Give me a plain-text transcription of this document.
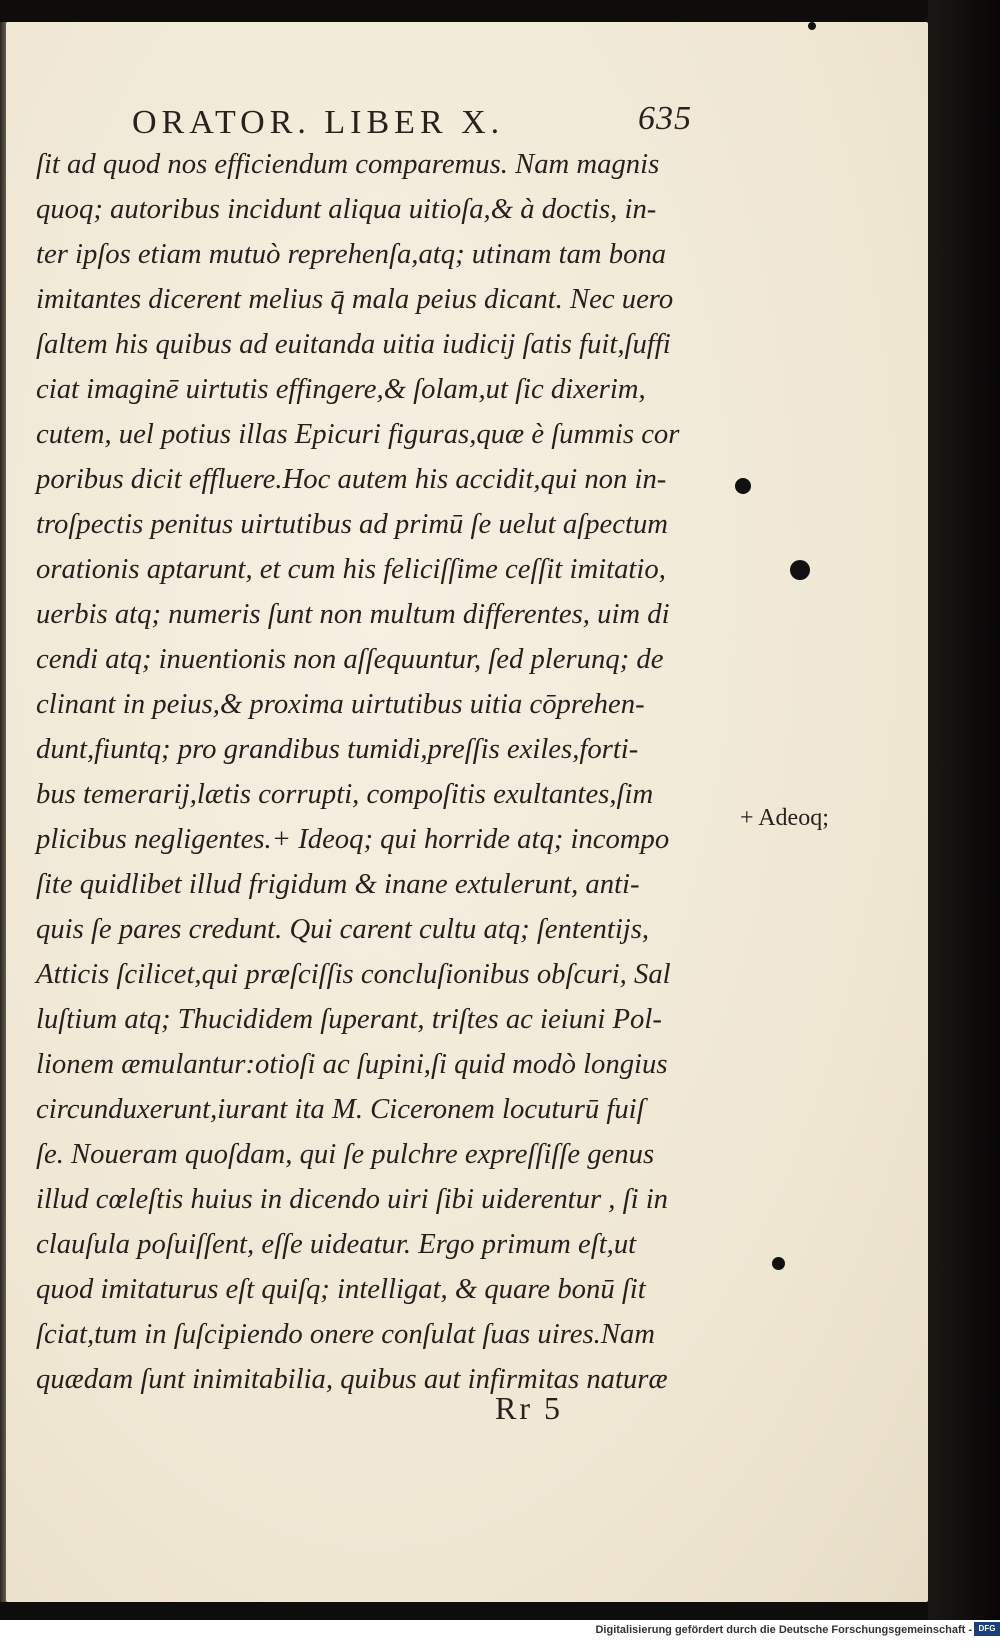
ORATOR. LIBER X.	635
ſit ad quod nos efficiendum comparemus. Nam magnis
quoq; autoribus incidunt aliqua uitioſa,& à doctis, in-
ter ipſos etiam mutuò reprehenſa,atq; utinam tam bona
imitantes dicerent melius q̄ mala peius dicant. Nec uero
ſaltem his quibus ad euitanda uitia iudicij ſatis fuit,ſuffi
ciat imaginē uirtutis effingere,& ſolam,ut ſic dixerim,
cutem, uel potius illas Epicuri figuras,quæ è ſummis cor
poribus dicit effluere.Hoc autem his accidit,qui non in-
troſpectis penitus uirtutibus ad primū ſe uelut aſpectum
orationis aptarunt, et cum his feliciſſime ceſſit imitatio,
uerbis atq; numeris ſunt non multum differentes, uim di
cendi atq; inuentionis non aſſequuntur, ſed plerunq; de
clinant in peius,& proxima uirtutibus uitia cōprehen-
dunt,fiuntq; pro grandibus tumidi,preſſis exiles,forti-
bus temerarij,lætis corrupti, compoſitis exultantes,ſim
plicibus negligentes.+ Ideoq; qui horride atq; incompo
ſite quidlibet illud frigidum & inane extulerunt, anti-
quis ſe pares credunt. Qui carent cultu atq; ſententijs,
Atticis ſcilicet,qui præſciſſis concluſionibus obſcuri, Sal
luſtium atq; Thucididem ſuperant, triſtes ac ieiuni Pol-
lionem æmulantur:otioſi ac ſupini,ſi quid modò longius
circunduxerunt,iurant ita M. Ciceronem locuturū fuiſ
ſe. Noueram quoſdam, qui ſe pulchre expreſſiſſe genus
illud cœleſtis huius in dicendo uiri ſibi uiderentur , ſi in
clauſula poſuiſſent, eſſe uideatur. Ergo primum eſt,ut
quod imitaturus eſt quiſq; intelligat, & quare bonū ſit
ſciat,tum in ſuſcipiendo onere conſulat ſuas uires.Nam
quædam ſunt inimitabilia, quibus aut infirmitas naturæ
Rr 5
+ Adeoq;
Digitalisierung gefördert durch die Deutsche Forschungsgemeinschaft - DFG
